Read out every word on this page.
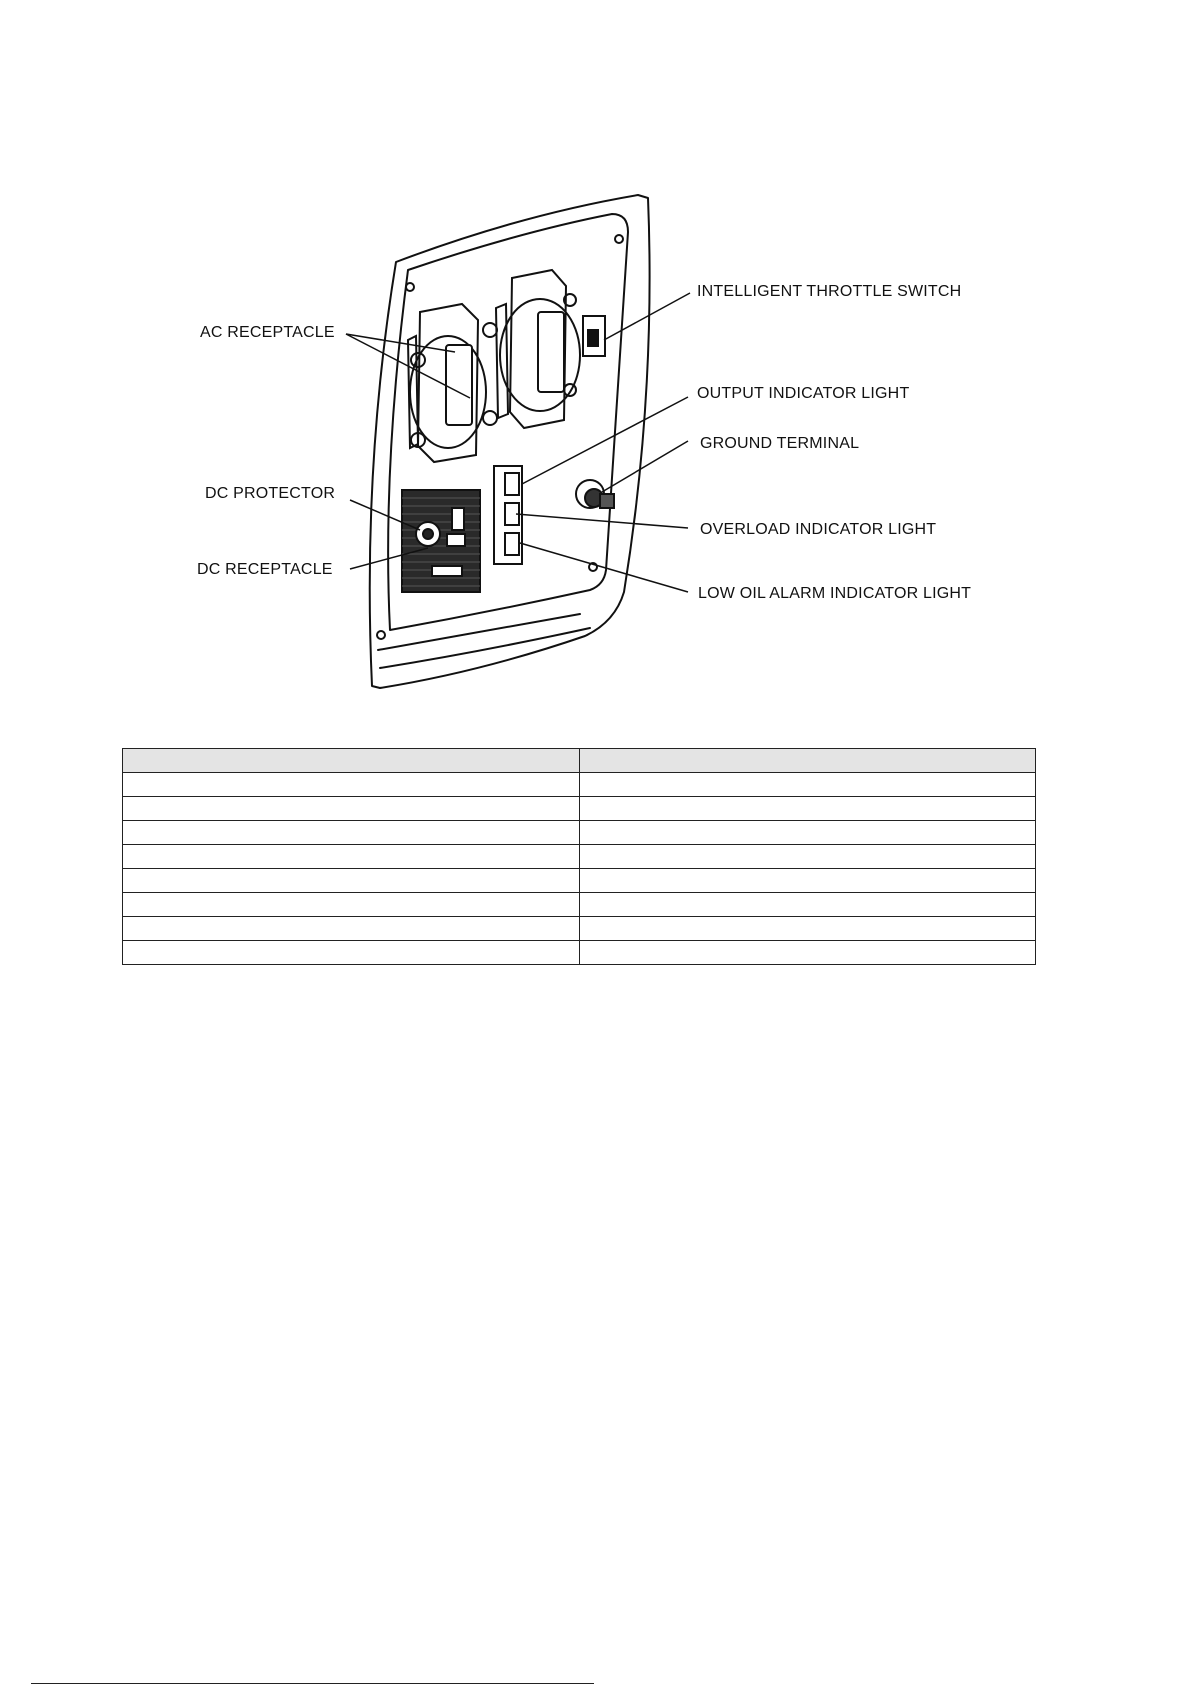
AC RECEPTACLE
INTELLIGENT THROTTLE SWITCH
OUTPUT INDICATOR LIGHT
GROUND TERMINAL
DC PROTECTOR
OVERLOAD INDICATOR LIGHT
DC RECEPTACLE
LOW OIL ALARM INDICATOR LIGHT
